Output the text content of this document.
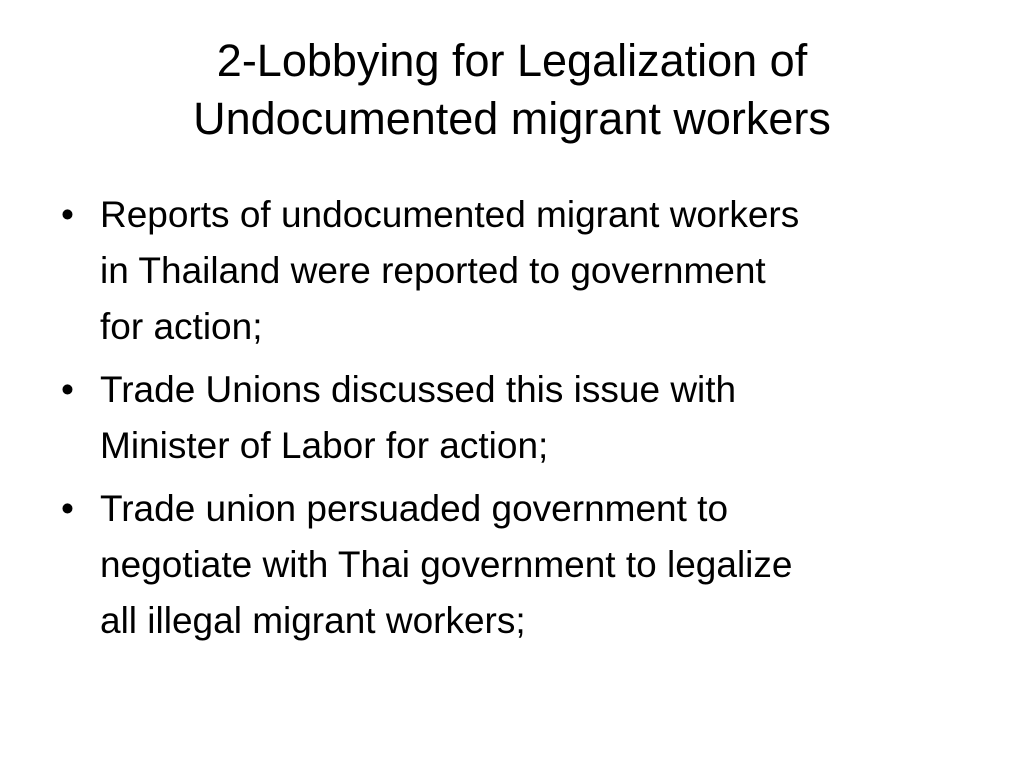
2-Lobbying for Legalization of
Undocumented migrant workers
• Reports of undocumented migrant workers
in Thailand were reported to government
for action;
• Trade Unions discussed this issue with
Minister of Labor for action;
• Trade union persuaded government to
negotiate with Thai government to legalize
all illegal migrant workers;
